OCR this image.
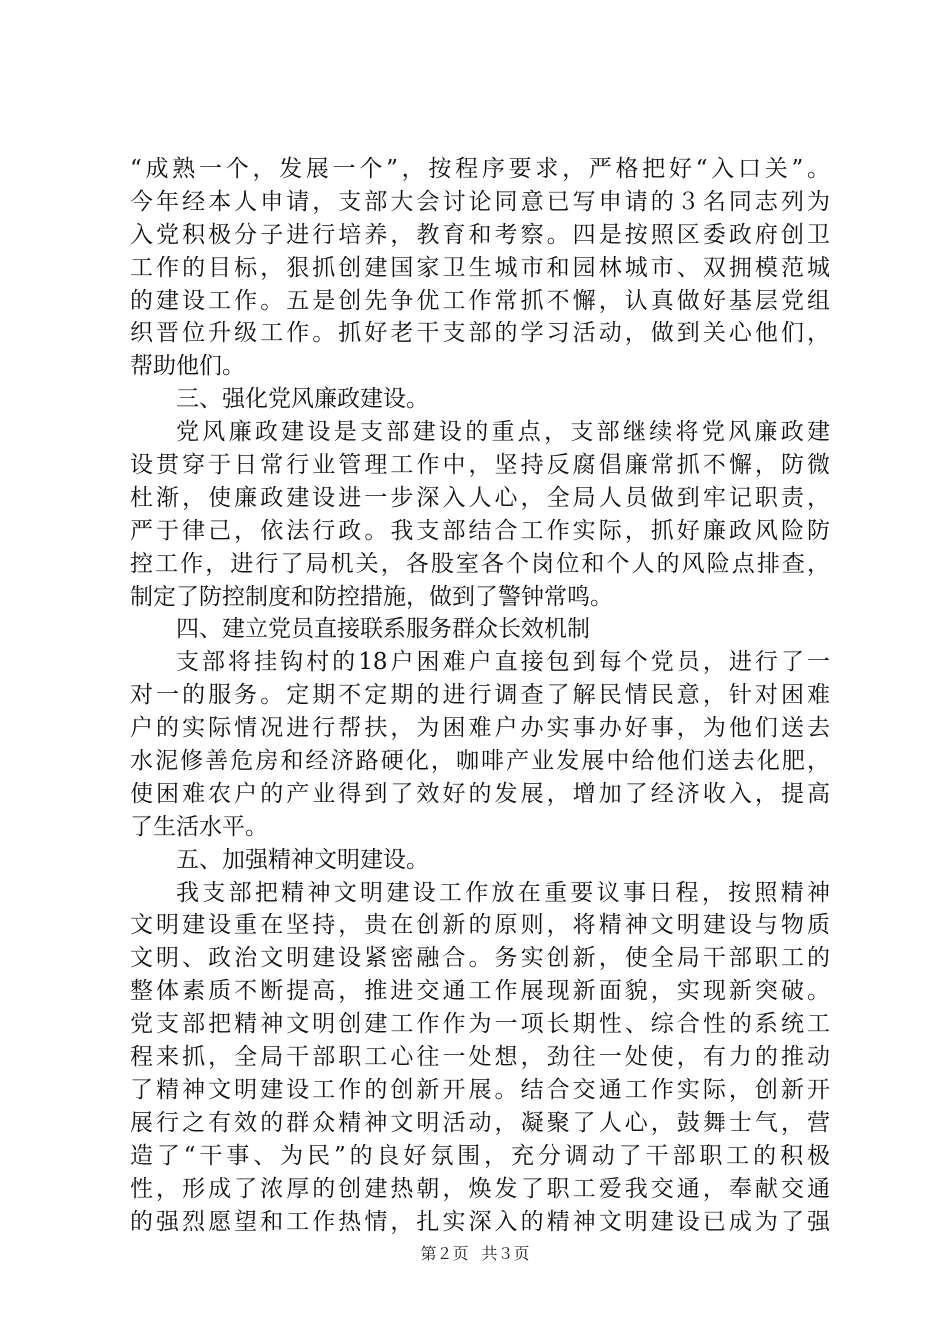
“成熟一个，发展一个”，按程序要求，严格把好“入口关”。
今年经本人申请，支部大会讨论同意已写申请的３名同志列为
入党积极分子进行培养，教育和考察。四是按照区委政府创卫
工作的目标，狠抓创建国家卫生城市和园林城市、双拥模范城
的建设工作。五是创先争优工作常抓不懈，认真做好基层党组
织晋位升级工作。抓好老干支部的学习活动，做到关心他们，
帮助他们。
三、强化党风廉政建设。
党风廉政建设是支部建设的重点，支部继续将党风廉政建
设贯穿于日常行业管理工作中，坚持反腐倡廉常抓不懈，防微
杜渐，使廉政建设进一步深入人心，全局人员做到牢记职责，
严于律己，依法行政。我支部结合工作实际，抓好廉政风险防
控工作，进行了局机关，各股室各个岗位和个人的风险点排查，
制定了防控制度和防控措施，做到了警钟常鸣。
四、建立党员直接联系服务群众长效机制
支部将挂钩村的18户困难户直接包到每个党员，进行了一
对一的服务。定期不定期的进行调查了解民情民意，针对困难
户的实际情况进行帮扶，为困难户办实事办好事，为他们送去
水泥修善危房和经济路硬化，咖啡产业发展中给他们送去化肥，
使困难农户的产业得到了效好的发展，增加了经济收入，提高
了生活水平。
五、加强精神文明建设。
我支部把精神文明建设工作放在重要议事日程，按照精神
文明建设重在坚持，贵在创新的原则，将精神文明建设与物质
文明、政治文明建设紧密融合。务实创新，使全局干部职工的
整体素质不断提高，推进交通工作展现新面貌，实现新突破。
党支部把精神文明创建工作作为一项长期性、综合性的系统工
程来抓，全局干部职工心往一处想，劲往一处使，有力的推动
了精神文明建设工作的创新开展。结合交通工作实际，创新开
展行之有效的群众精神文明活动，凝聚了人心，鼓舞士气，营
造了“干事、为民”的良好氛围，充分调动了干部职工的积极
性，形成了浓厚的创建热朝，焕发了职工爱我交通，奉献交通
的强烈愿望和工作热情，扎实深入的精神文明建设已成为了强
第２页 共３页
